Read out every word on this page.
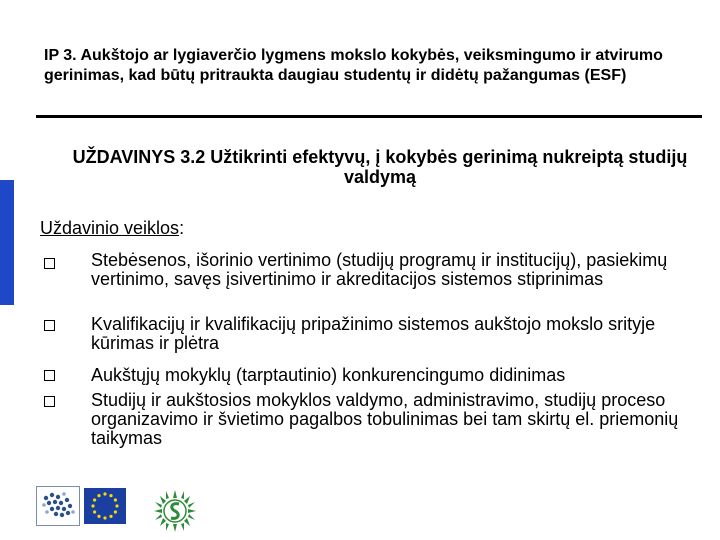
IP 3. Aukštojo ar lygiaverčio lygmens mokslo kokybės, veiksmingumo ir atvirumo gerinimas, kad būtų pritraukta daugiau studentų ir didėtų pažangumas (ESF)
UŽDAVINYS 3.2 Užtikrinti efektyvų, į kokybės gerinimą nukreiptą studijų valdymą
Uždavinio veiklos:
Stebėsenos, išorinio vertinimo (studijų programų ir institucijų), pasiekimų vertinimo, savęs įsivertinimo ir akreditacijos sistemos stiprinimas
Kvalifikacijų ir kvalifikacijų pripažinimo sistemos aukštojo mokslo srityje kūrimas ir plėtra
Aukštųjų mokyklų (tarptautinio) konkurencingumo didinimas
Studijų ir aukštosios mokyklos valdymo, administravimo, studijų proceso organizavimo ir švietimo pagalbos tobulinimas bei tam skirtų el. priemonių taikymas
